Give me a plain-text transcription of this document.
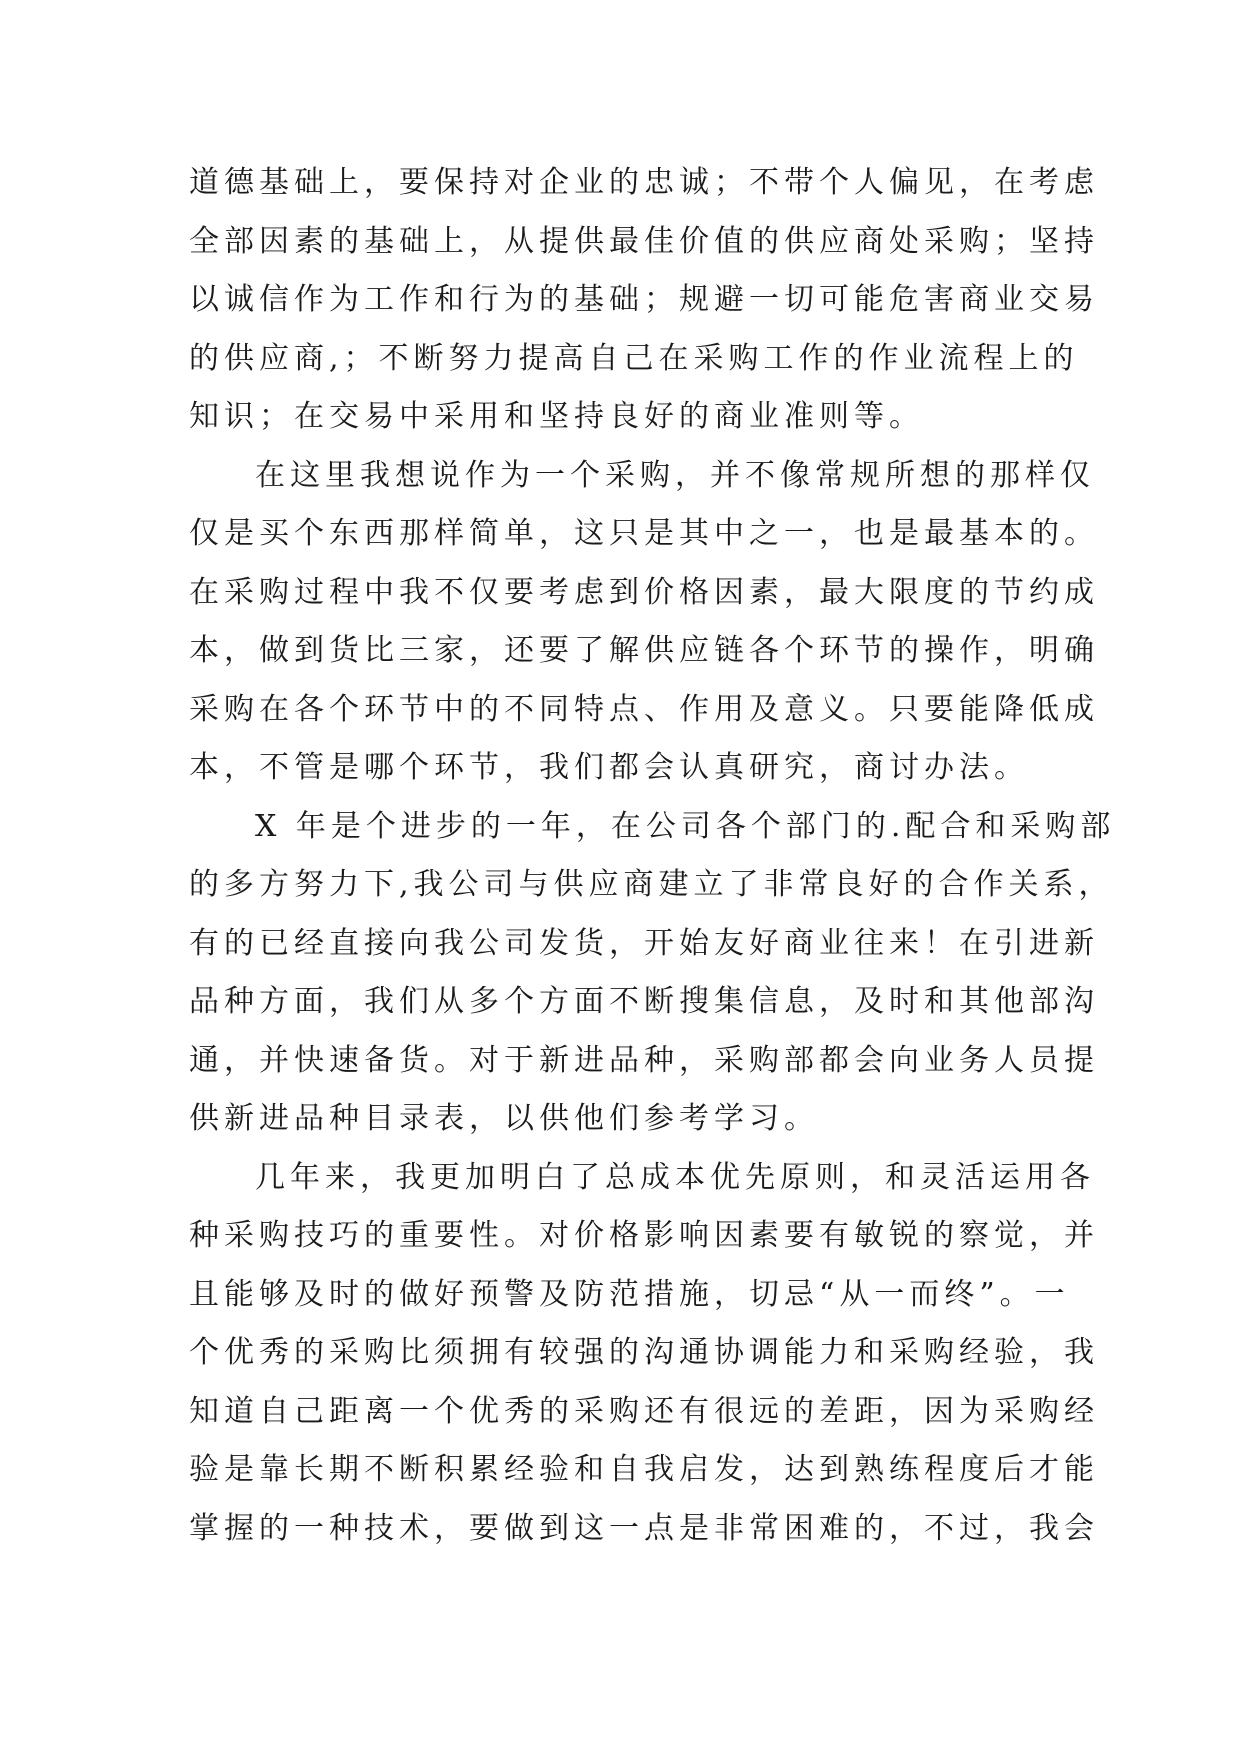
道德基础上，要保持对企业的忠诚；不带个人偏见，在考虑
全部因素的基础上，从提供最佳价值的供应商处采购；坚持
以诚信作为工作和行为的基础；规避一切可能危害商业交易
的供应商,；不断努力提高自己在采购工作的作业流程上的
知识；在交易中采用和坚持良好的商业准则等。
在这里我想说作为一个采购，并不像常规所想的那样仅
仅是买个东西那样简单，这只是其中之一，也是最基本的。
在采购过程中我不仅要考虑到价格因素，最大限度的节约成
本，做到货比三家，还要了解供应链各个环节的操作，明确
采购在各个环节中的不同特点、作用及意义。只要能降低成
本，不管是哪个环节，我们都会认真研究，商讨办法。
X 年是个进步的一年，在公司各个部门的.配合和采购部
的多方努力下,我公司与供应商建立了非常良好的合作关系，
有的已经直接向我公司发货，开始友好商业往来！在引进新
品种方面，我们从多个方面不断搜集信息，及时和其他部沟
通，并快速备货。对于新进品种，采购部都会向业务人员提
供新进品种目录表，以供他们参考学习。
几年来，我更加明白了总成本优先原则，和灵活运用各
种采购技巧的重要性。对价格影响因素要有敏锐的察觉，并
且能够及时的做好预警及防范措施，切忌“从一而终”。一
个优秀的采购比须拥有较强的沟通协调能力和采购经验，我
知道自己距离一个优秀的采购还有很远的差距，因为采购经
验是靠长期不断积累经验和自我启发，达到熟练程度后才能
掌握的一种技术，要做到这一点是非常困难的，不过，我会
